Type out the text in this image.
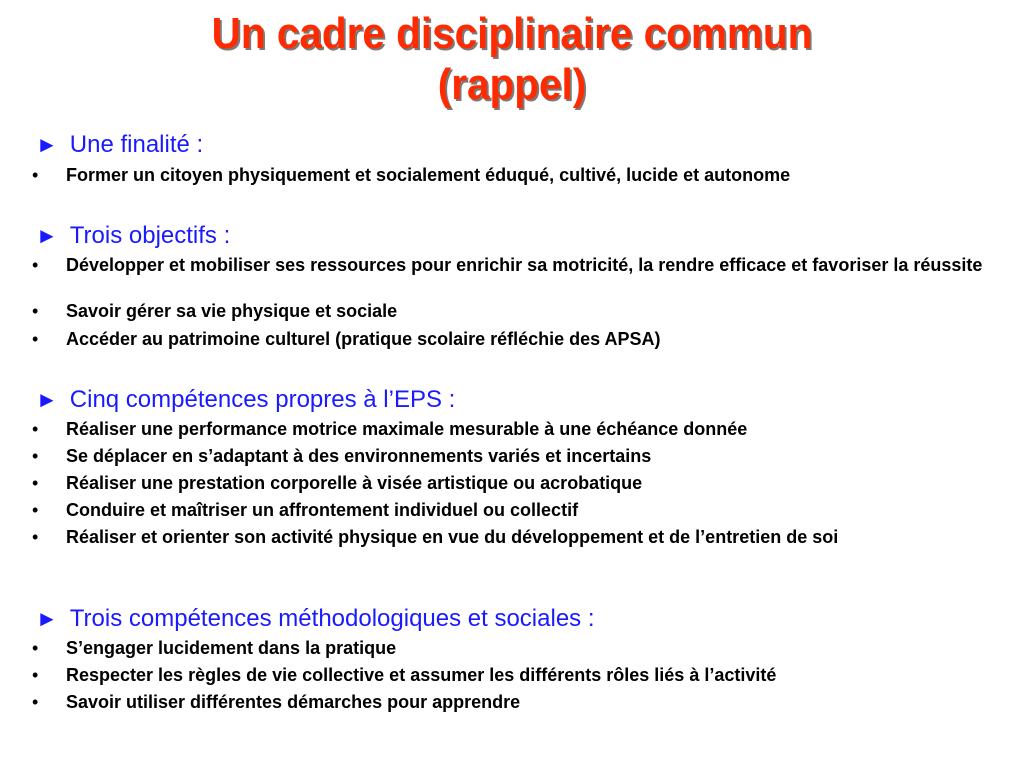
Un cadre disciplinaire commun
(rappel)
► Une finalité :
•	Former un citoyen physiquement et socialement éduqué, cultivé, lucide et autonome
► Trois objectifs :
•	Développer et mobiliser ses ressources pour enrichir sa motricité, la rendre efficace et favoriser la réussite
•	Savoir gérer sa vie physique et sociale
•	Accéder au patrimoine culturel (pratique scolaire réfléchie des APSA)
► Cinq compétences propres à l’EPS :
•	Réaliser une performance motrice maximale mesurable à une échéance donnée
•	Se déplacer en s’adaptant à des environnements variés et incertains
•	Réaliser une prestation corporelle à visée artistique ou acrobatique
•	Conduire et maîtriser un affrontement individuel ou collectif
•	Réaliser et orienter son activité physique en vue du développement et de l’entretien de soi
► Trois compétences méthodologiques et sociales :
•	S’engager lucidement dans la pratique
•	Respecter les règles de vie collective et assumer les différents rôles liés à l’activité
•	Savoir utiliser différentes démarches pour apprendre
